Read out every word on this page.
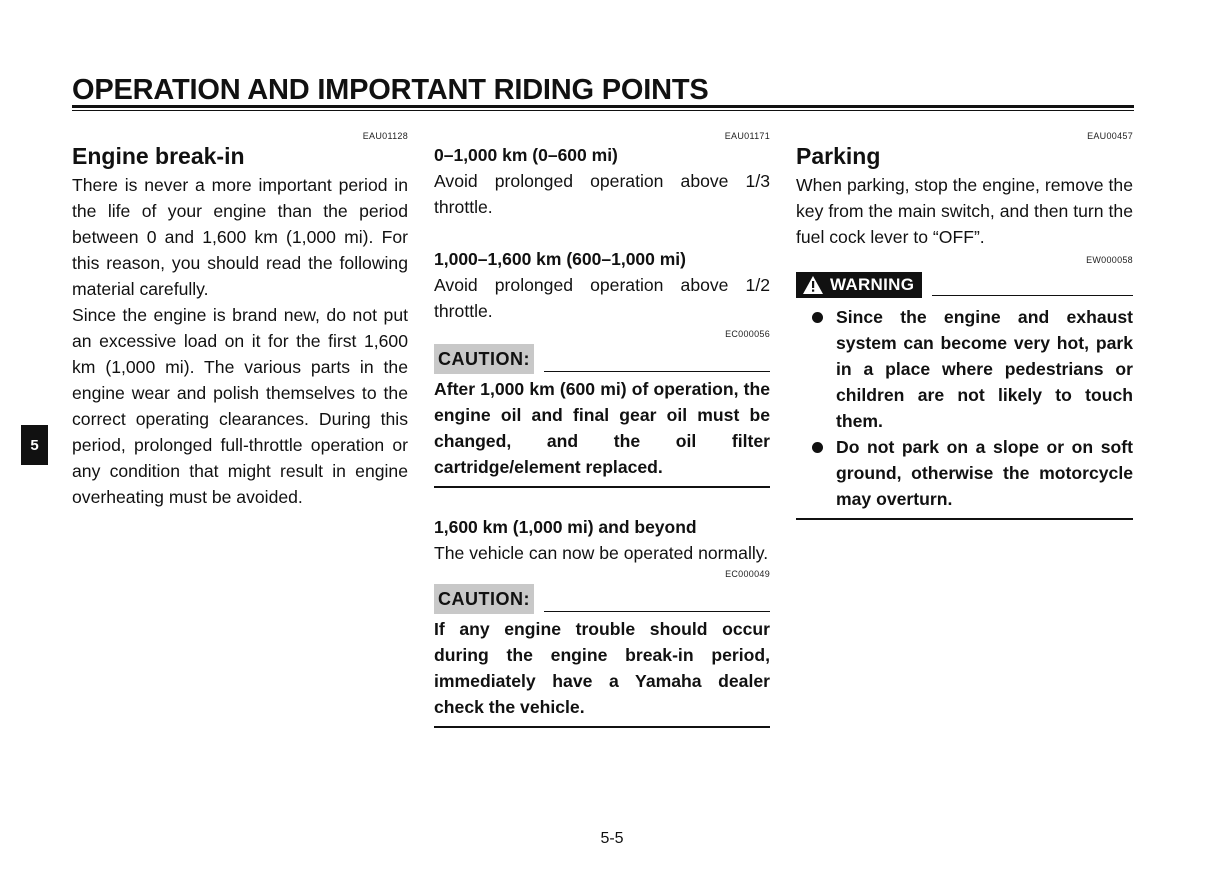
OPERATION AND IMPORTANT RIDING POINTS
5
EAU01128
Engine break-in

There is never a more important period in the life of your engine than the period between 0 and 1,600 km (1,000 mi). For this reason, you should read the following material carefully.

Since the engine is brand new, do not put an excessive load on it for the first 1,600 km (1,000 mi). The various parts in the engine wear and polish themselves to the correct operating clearances. During this period, prolonged full-throttle operation or any condition that might result in engine overheating must be avoided.

EAU01171
0–1,000 km (0–600 mi)

Avoid prolonged operation above 1/3 throttle.

1,000–1,600 km (600–1,000 mi)

Avoid prolonged operation above 1/2 throttle.

EC000056
CAUTION:

After 1,000 km (600 mi) of operation, the engine oil and final gear oil must be changed, and the oil filter cartridge/element replaced.

1,600 km (1,000 mi) and beyond

The vehicle can now be operated normally.

EC000049
CAUTION:

If any engine trouble should occur during the engine break-in period, immediately have a Yamaha dealer check the vehicle.

EAU00457
Parking

When parking, stop the engine, remove the key from the main switch, and then turn the fuel cock lever to “OFF”.

EW000058
WARNING

Since the engine and exhaust system can become very hot, park in a place where pedestrians or children are not likely to touch them.

Do not park on a slope or on soft ground, otherwise the motorcycle may overturn.

5-5
